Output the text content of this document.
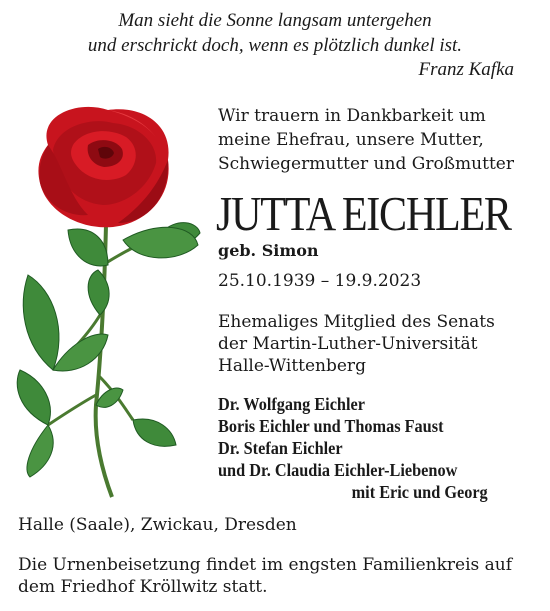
Man sieht die Sonne langsam untergehen
und erschrickt doch, wenn es plötzlich dunkel ist.
Franz Kafka
Wir trauern in Dankbarkeit um
meine Ehefrau, unsere Mutter,
Schwiegermutter und Großmutter
JUTTA EICHLER
geb. Simon
25.10.1939 – 19.9.2023
Ehemaliges Mitglied des Senats
der Martin-Luther-Universität
Halle-Wittenberg
Dr. Wolfgang Eichler
Boris Eichler und Thomas Faust
Dr. Stefan Eichler
und Dr. Claudia Eichler-Liebenow
mit Eric und Georg
Halle (Saale), Zwickau, Dresden
Die Urnenbeisetzung findet im engsten Familienkreis auf
dem Friedhof Kröllwitz statt.
